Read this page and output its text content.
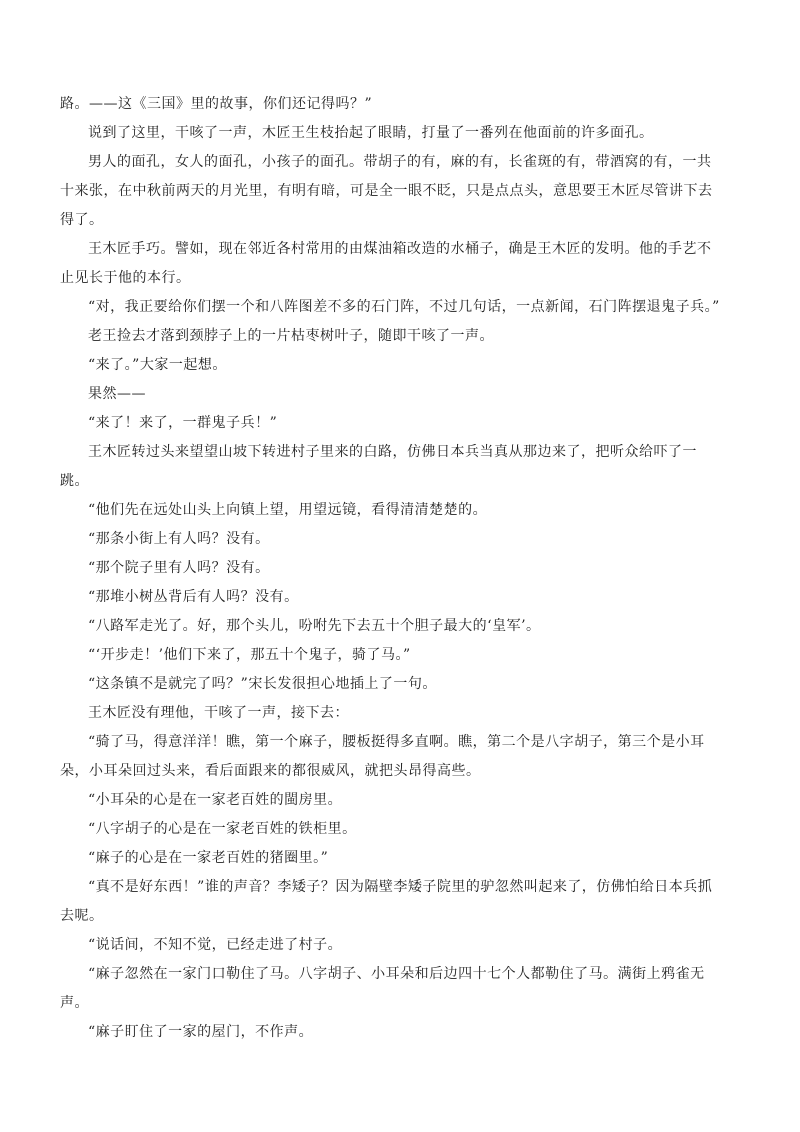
路。——这《三国》里的故事，你们还记得吗？”

说到了这里，干咳了一声，木匠王生枝抬起了眼睛，打量了一番列在他面前的许多面孔。

男人的面孔，女人的面孔，小孩子的面孔。带胡子的有，麻的有，长雀斑的有，带酒窝的有，一共十来张，在中秋前两天的月光里，有明有暗，可是全一眼不眨，只是点点头，意思要王木匠尽管讲下去得了。

王木匠手巧。譬如，现在邻近各村常用的由煤油箱改造的水桶子，确是王木匠的发明。他的手艺不止见长于他的本行。

“对，我正要给你们摆一个和八阵图差不多的石门阵，不过几句话，一点新闻，石门阵摆退鬼子兵。”

老王捡去才落到颈脖子上的一片枯枣树叶子，随即干咳了一声。

“来了。”大家一起想。

果然——

“来了！来了，一群鬼子兵！”

王木匠转过头来望望山坡下转进村子里来的白路，仿佛日本兵当真从那边来了，把听众给吓了一跳。

“他们先在远处山头上向镇上望，用望远镜，看得清清楚楚的。

“那条小街上有人吗？没有。

“那个院子里有人吗？没有。

“那堆小树丛背后有人吗？没有。

“八路军走光了。好，那个头儿，吩咐先下去五十个胆子最大的‘皇军’。

“‘开步走！’他们下来了，那五十个鬼子，骑了马。”

“这条镇不是就完了吗？”宋长发很担心地插上了一句。

王木匠没有理他，干咳了一声，接下去：

“骑了马，得意洋洋！瞧，第一个麻子，腰板挺得多直啊。瞧，第二个是八字胡子，第三个是小耳朵，小耳朵回过头来，看后面跟来的都很威风，就把头昂得高些。

“小耳朵的心是在一家老百姓的閩房里。

“八字胡子的心是在一家老百姓的铁柜里。

“麻子的心是在一家老百姓的猪圈里。”

“真不是好东西！”谁的声音？李矮子？因为隔壁李矮子院里的驴忽然叫起来了，仿佛怕给日本兵抓去呢。

“说话间，不知不觉，已经走进了村子。

“麻子忽然在一家门口勒住了马。八字胡子、小耳朵和后边四十七个人都勒住了马。满街上鸦雀无声。

“麻子盯住了一家的屋门，不作声。
